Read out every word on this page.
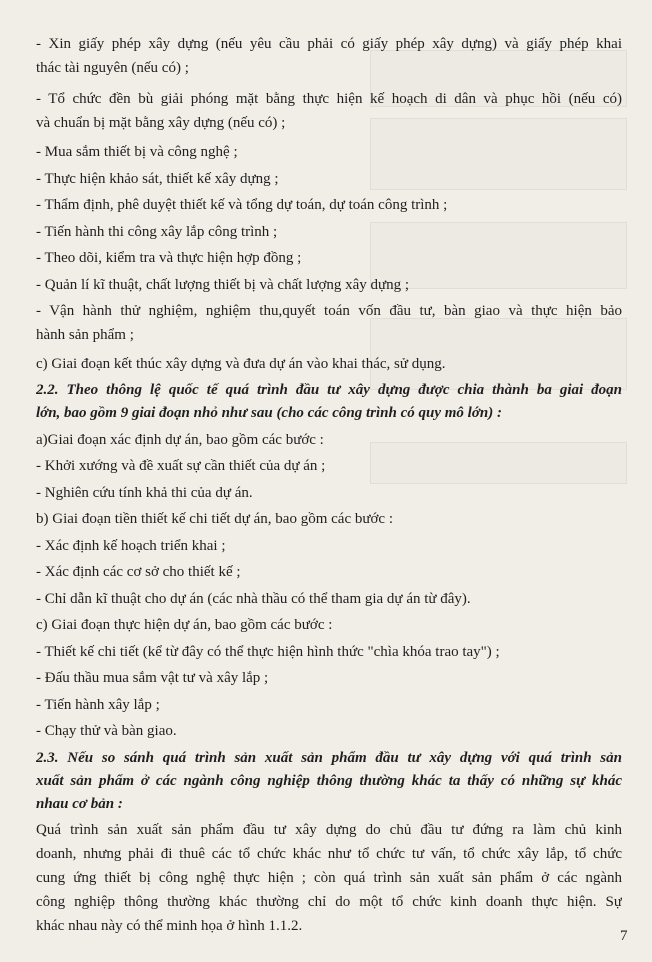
- Xin giấy phép xây dựng (nếu yêu cầu phải có giấy phép xây dựng) và giấy phép khai
thác tài nguyên (nếu có) ;
- Tổ chức đền bù giải phóng mặt bằng thực hiện kế hoạch di dân và phục hồi (nếu có)
và chuẩn bị mặt bằng xây dựng (nếu có) ;
- Mua sắm thiết bị và công nghệ ;
- Thực hiện khảo sát, thiết kế xây dựng ;
- Thẩm định, phê duyệt thiết kế và tổng dự toán, dự toán công trình ;
- Tiến hành thi công xây lắp công trình ;
- Theo dõi, kiểm tra và thực hiện hợp đồng ;
- Quản lí kĩ thuật, chất lượng thiết bị và chất lượng xây dựng ;
- Vận hành thử nghiệm, nghiệm thu,quyết toán vốn đầu tư, bàn giao và thực hiện bảo
hành sản phẩm ;
c) Giai đoạn kết thúc xây dựng và đưa dự án vào khai thác, sử dụng.
2.2. Theo thông lệ quốc tế quá trình đầu tư xây dựng được chia thành ba giai đoạn
lớn, bao gồm 9 giai đoạn nhỏ như sau (cho các công trình có quy mô lớn) :
a)Giai đoạn xác định dự án, bao gồm các bước :
- Khởi xướng và đề xuất sự cần thiết của dự án ;
- Nghiên cứu tính khả thi của dự án.
b) Giai đoạn tiền thiết kế chi tiết dự án, bao gồm các bước :
- Xác định kế hoạch triển khai ;
- Xác định các cơ sở cho thiết kế ;
- Chỉ dẫn kĩ thuật cho dự án (các nhà thầu có thể tham gia dự án từ đây).
c) Giai đoạn thực hiện dự án, bao gồm các bước :
- Thiết kế chi tiết (kể từ đây có thể thực hiện hình thức "chìa khóa trao tay") ;
- Đấu thầu mua sắm vật tư và xây lắp ;
- Tiến hành xây lắp ;
- Chạy thử và bàn giao.
2.3. Nếu so sánh quá trình sản xuất sản phẩm đầu tư xây dựng với quá trình sản
xuất sản phẩm ở các ngành công nghiệp thông thường khác ta thấy có những sự khác
nhau cơ bản :
Quá trình sản xuất sản phẩm đầu tư xây dựng do chủ đầu tư đứng ra làm chủ kinh
doanh, nhưng phải đi thuê các tổ chức khác như tổ chức tư vấn, tổ chức xây lắp, tổ chức
cung ứng thiết bị công nghệ thực hiện ; còn quá trình sản xuất sản phẩm ở các ngành
công nghiệp thông thường khác thường chỉ do một tổ chức kinh doanh thực hiện. Sự
khác nhau này có thể minh họa ở hình 1.1.2.
7
